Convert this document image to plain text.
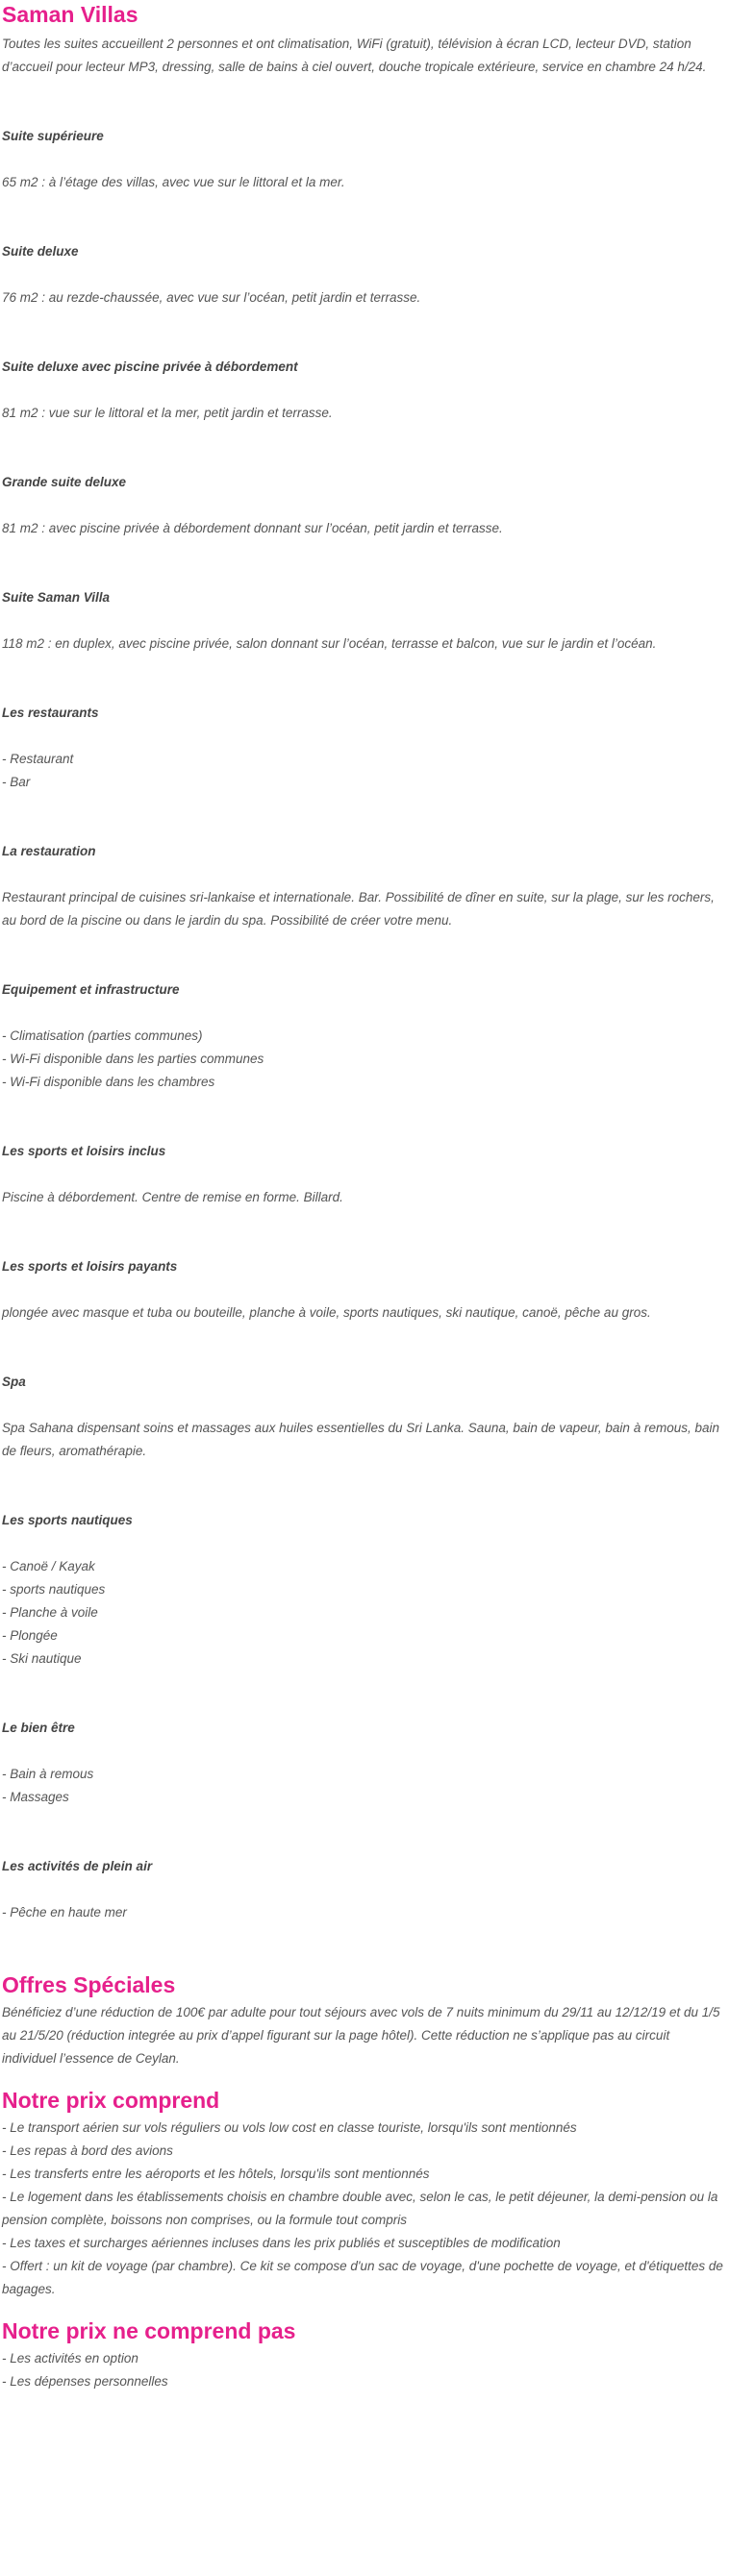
Saman Villas

Toutes les suites accueillent 2 personnes et ont climatisation, WiFi (gratuit), télévision à écran LCD, lecteur DVD, station d’accueil pour lecteur MP3, dressing, salle de bains à ciel ouvert, douche tropicale extérieure, service en chambre 24 h/24.

Suite supérieure

65 m2 : à l’étage des villas, avec vue sur le littoral et la mer.

Suite deluxe

76 m2 : au rezde-chaussée, avec vue sur l’océan, petit jardin et terrasse.

Suite deluxe avec piscine privée à débordement

81 m2 : vue sur le littoral et la mer, petit jardin et terrasse.

Grande suite deluxe

81 m2 : avec piscine privée à débordement donnant sur l’océan, petit jardin et terrasse.

Suite Saman Villa

118 m2 : en duplex, avec piscine privée, salon donnant sur l’océan, terrasse et balcon, vue sur le jardin et l’océan.

Les restaurants

- Restaurant
- Bar

La restauration

Restaurant principal de cuisines sri-lankaise et internationale. Bar. Possibilité de dîner en suite, sur la plage, sur les rochers, au bord de la piscine ou dans le jardin du spa. Possibilité de créer votre menu.

Equipement et infrastructure

- Climatisation (parties communes)
- Wi-Fi disponible dans les parties communes
- Wi-Fi disponible dans les chambres

Les sports et loisirs inclus

Piscine à débordement. Centre de remise en forme. Billard.

Les sports et loisirs payants

plongée avec masque et tuba ou bouteille, planche à voile, sports nautiques, ski nautique, canoë, pêche au gros.

Spa

Spa Sahana dispensant soins et massages aux huiles essentielles du Sri Lanka. Sauna, bain de vapeur, bain à remous, bain de fleurs, aromathérapie.

Les sports nautiques

- Canoë / Kayak
- sports nautiques
- Planche à voile
- Plongée
- Ski nautique

Le bien être

- Bain à remous
- Massages

Les activités de plein air

- Pêche en haute mer
Offres Spéciales

Bénéficiez d’une réduction de 100€ par adulte pour tout séjours avec vols de 7 nuits minimum du 29/11 au 12/12/19 et du 1/5 au 21/5/20 (réduction integrée au prix d’appel figurant sur la page hôtel). Cette réduction ne s’applique pas au circuit individuel l’essence de Ceylan.

Notre prix comprend
- Le transport aérien sur vols réguliers ou vols low cost en classe touriste, lorsqu'ils sont mentionnés
- Les repas à bord des avions
- Les transferts entre les aéroports et les hôtels, lorsqu'ils sont mentionnés
- Le logement dans les établissements choisis en chambre double avec, selon le cas, le petit déjeuner, la demi-pension ou la pension complète, boissons non comprises, ou la formule tout compris
- Les taxes et surcharges aériennes incluses dans les prix publiés et susceptibles de modification
- Offert : un kit de voyage (par chambre). Ce kit se compose d'un sac de voyage, d'une pochette de voyage, et d'étiquettes de bagages.
Notre prix ne comprend pas
- Les activités en option
- Les dépenses personnelles
